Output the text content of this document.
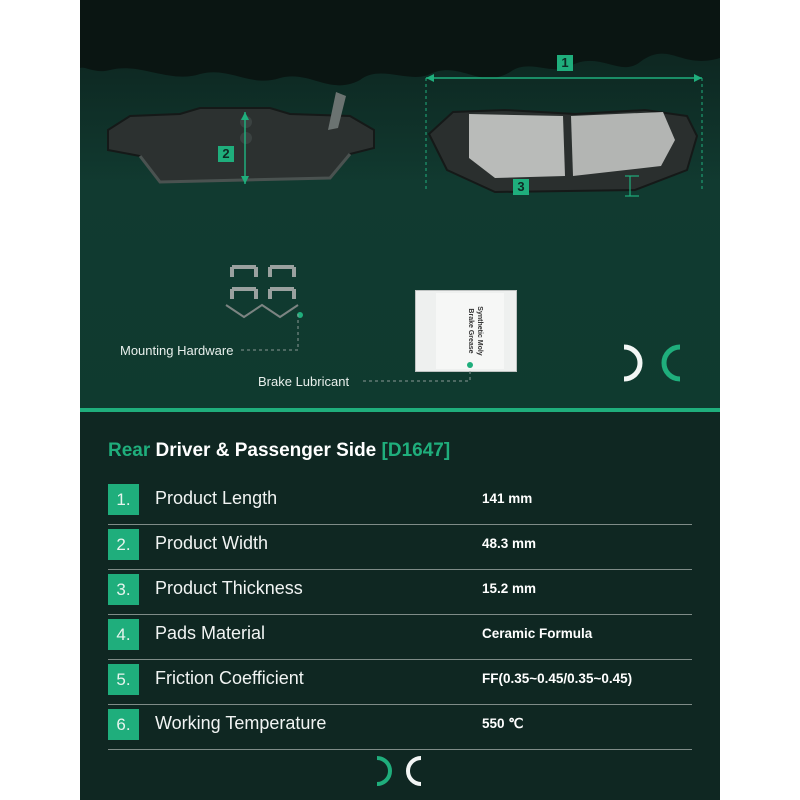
1
2
3
Mounting Hardware	Synthetic Moly
Brake Grease
Brake Lubricant
Rear Driver & Passenger Side [D1647]
1.	Product Length	141 mm
2.	Product Width	48.3 mm
3.	Product Thickness	15.2 mm
4.	Pads Material	Ceramic Formula
5.	Friction Coefficient	FF(0.35~0.45/0.35~0.45)
6.	Working Temperature	550 ℃
